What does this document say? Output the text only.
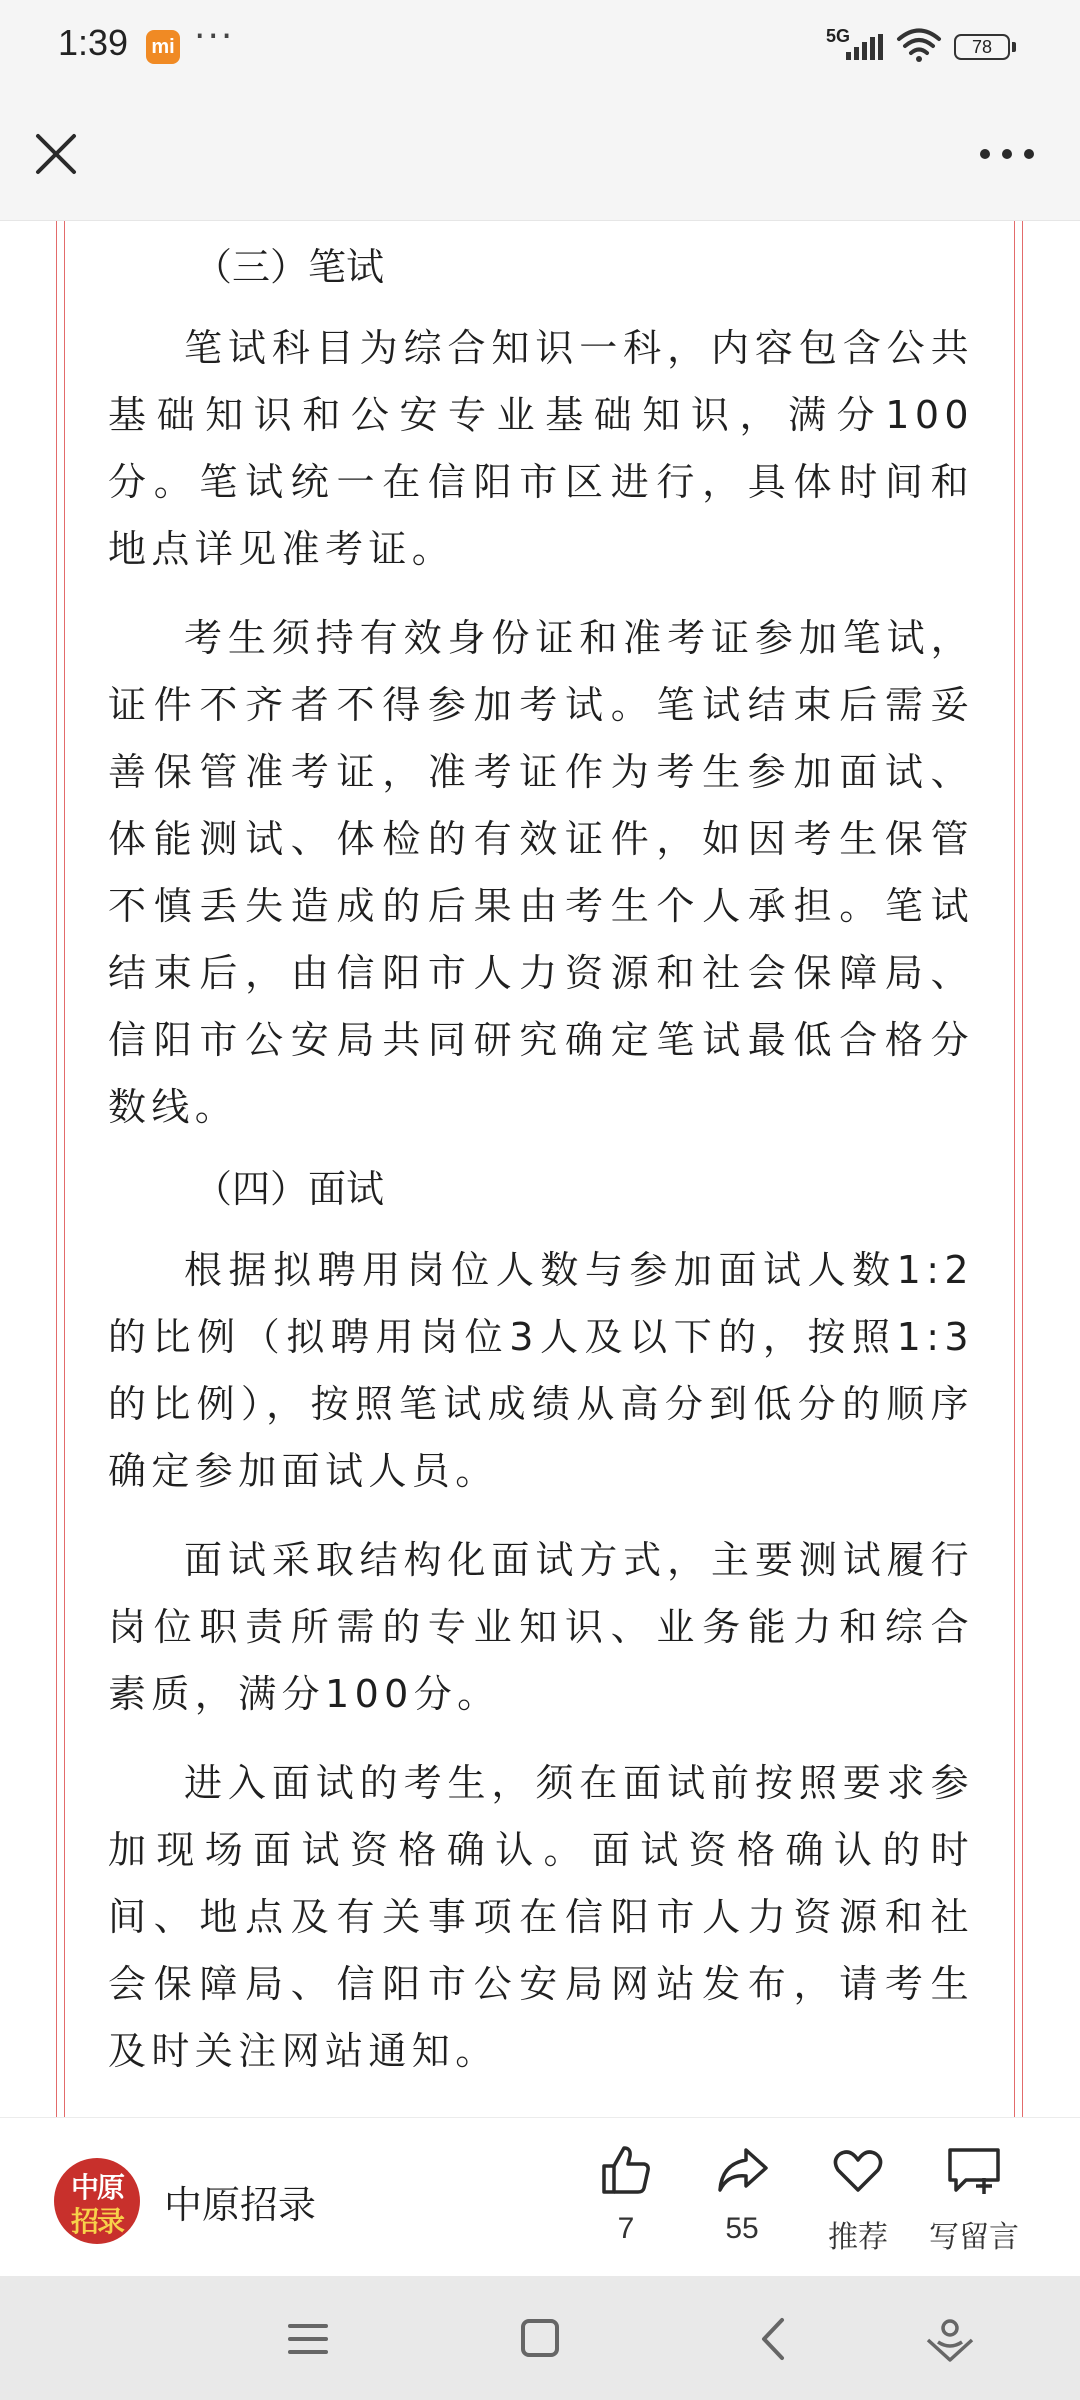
1:39 mi ···	5G
78
（三）笔试

笔试科目为综合知识一科，内容包含公共基础知识和公安专业基础知识，满分100分。笔试统一在信阳市区进行，具体时间和地点详见准考证。

考生须持有效身份证和准考证参加笔试，证件不齐者不得参加考试。笔试结束后需妥善保管准考证，准考证作为考生参加面试、体能测试、体检的有效证件，如因考生保管不慎丢失造成的后果由考生个人承担。笔试结束后，由信阳市人力资源和社会保障局、信阳市公安局共同研究确定笔试最低合格分数线。

（四）面试

根据拟聘用岗位人数与参加面试人数1:2的比例（拟聘用岗位3人及以下的，按照1:3的比例），按照笔试成绩从高分到低分的顺序确定参加面试人员。

面试采取结构化面试方式，主要测试履行岗位职责所需的专业知识、业务能力和综合素质，满分100分。

进入面试的考生，须在面试前按照要求参加现场面试资格确认。面试资格确认的时间、地点及有关事项在信阳市人力资源和社会保障局、信阳市公安局网站发布，请考生及时关注网站通知。

中原
招录	中原招录
7	55	推荐	写留言
